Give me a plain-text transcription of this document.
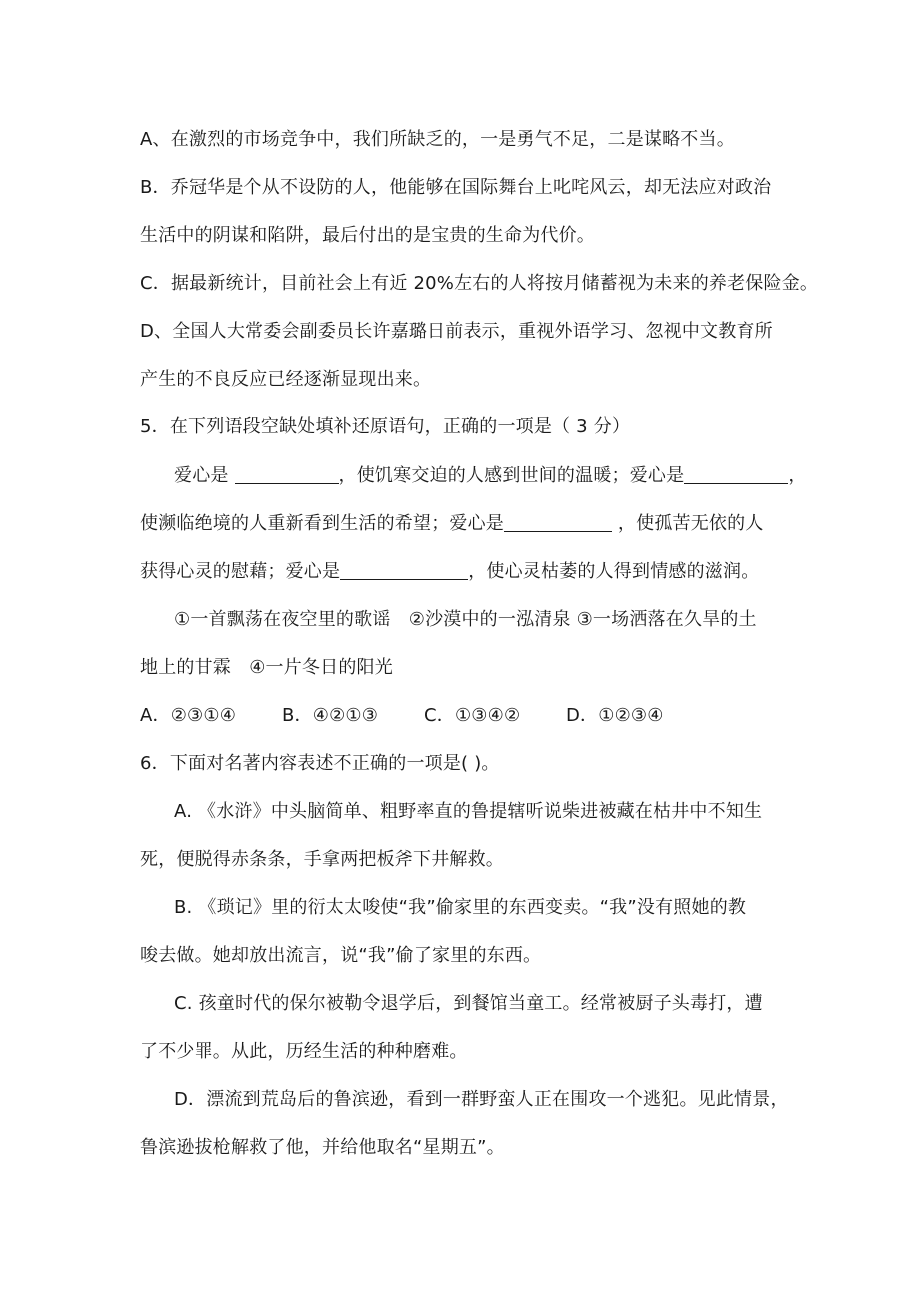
A、在激烈的市场竞争中，我们所缺乏的，一是勇气不足，二是谋略不当。
B．乔冠华是个从不设防的人，他能够在国际舞台上叱咤风云，却无法应对政治
生活中的阴谋和陷阱，最后付出的是宝贵的生命为代价。
C．据最新统计，目前社会上有近 20%左右的人将按月储蓄视为未来的养老保险金。
D、全国人大常委会副委员长许嘉璐日前表示，重视外语学习、忽视中文教育所
产生的不良反应已经逐渐显现出来。
5．在下列语段空缺处填补还原语句，正确的一项是（ 3 分）
爱心是	，使饥寒交迫的人感到世间的温暖；爱心是	，
使濒临绝境的人重新看到生活的希望；爱心是	，使孤苦无依的人
获得心灵的慰藉；爱心是	，使心灵枯萎的人得到情感的滋润。
①一首飘荡在夜空里的歌谣　②沙漠中的一泓清泉 ③一场洒落在久旱的土
地上的甘霖　④一片冬日的阳光
A．②③①④	B．④②①③	C．①③④②	D．①②③④
6．下面对名著内容表述不正确的一项是( )。
A. 《水浒》中头脑简单、粗野率直的鲁提辖听说柴进被藏在枯井中不知生
死，便脱得赤条条，手拿两把板斧下井解救。
B. 《琐记》里的衍太太唆使“我”偷家里的东西变卖。“我”没有照她的教
唆去做。她却放出流言，说“我”偷了家里的东西。
C. 孩童时代的保尔被勒令退学后，到餐馆当童工。经常被厨子头毒打，遭
了不少罪。从此，历经生活的种种磨难。
D．漂流到荒岛后的鲁滨逊，看到一群野蛮人正在围攻一个逃犯。见此情景，
鲁滨逊拔枪解救了他，并给他取名“星期五”。
